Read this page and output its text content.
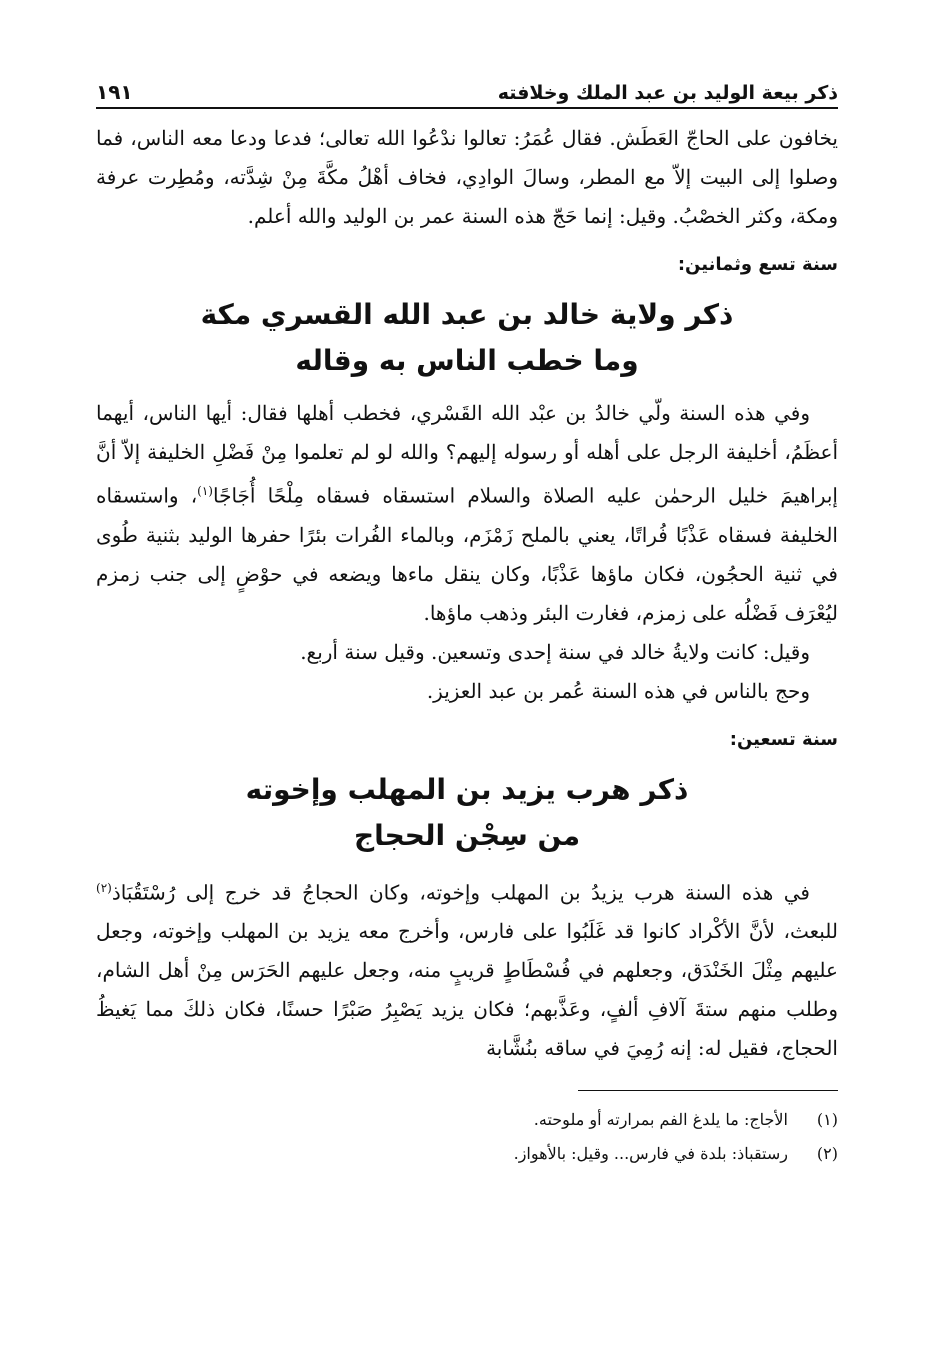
ذكر بيعة الوليد بن عبد الملك وخلافته
١٩١

يخافون على الحاجّ العَطَش. فقال عُمَرُ: تعالوا ندْعُوا الله تعالى؛ فدعا ودعا معه الناس، فما وصلوا إلى البيت إلاّ مع المطر، وسالَ الوادِي، فخاف أهْلُ مكَّةَ مِنْ شِدَّته، ومُطِرت عرفة ومكة، وكثر الخصْبُ. وقيل: إنما حَجّ هذه السنة عمر بن الوليد والله أعلم.

سنة تسع وثمانين:
ذكر ولاية خالد بن عبد الله القسري مكة
وما خطب الناس به وقاله

وفي هذه السنة ولّي خالدُ بن عبْد الله القَسْري، فخطب أهلها فقال: أيها الناس، أيهما أعظَمُ، أخليفة الرجل على أهله أو رسوله إليهم؟ والله لو لم تعلموا مِنْ فَضْلِ الخليفة إلاّ أنَّ إبراهيمَ خليل الرحمٰن عليه الصلاة والسلام استسقاه فسقاه مِلْحًا أُجَاجًا$^{(١)}$، واستسقاه الخليفة فسقاه عَذْبًا فُراتًا، يعني بالملح زَمْزَم، وبالماء الفُرات بئرًا حفرها الوليد بثنية طُوى في ثنية الحجُون، فكان ماؤها عَذْبًا، وكان ينقل ماءها ويضعه في حوْضٍ إلى جنب زمزم ليُعْرَف فَضْلُه على زمزم، فغارت البئر وذهب ماؤها.

وقيل: كانت ولايةُ خالد في سنة إحدى وتسعين. وقيل سنة أربع.

وحج بالناس في هذه السنة عُمر بن عبد العزيز.

سنة تسعين:
ذكر هرب يزيد بن المهلب وإخوته
من سِجْن الحجاج

في هذه السنة هرب يزيدُ بن المهلب وإخوته، وكان الحجاجُ قد خرج إلى رُسْتَقُبَاذ$^{(٢)}$ للبعث، لأنَّ الأكْراد كانوا قد غَلَبُوا على فارس، وأخرج معه يزيد بن المهلب وإخوته، وجعل عليهم مِثْلَ الخَنْدَق، وجعلهم في فُسْطَاطٍ قريبٍ منه، وجعل عليهم الحَرَس مِنْ أهل الشام، وطلب منهم ستةَ آلافِ ألفٍ، وعَذَّبهم؛ فكان يزيد يَصْبِرُ صَبْرًا حسنًا، فكان ذلكَ مما يَغيظُ الحجاج، فقيل له: إنه رُمِيَ في ساقه بنُشَّابة

(١)الأجاج: ما يلدغ الفم بمرارته أو ملوحته.

(٢)رستقباذ: بلدة في فارس... وقيل: بالأهواز.
